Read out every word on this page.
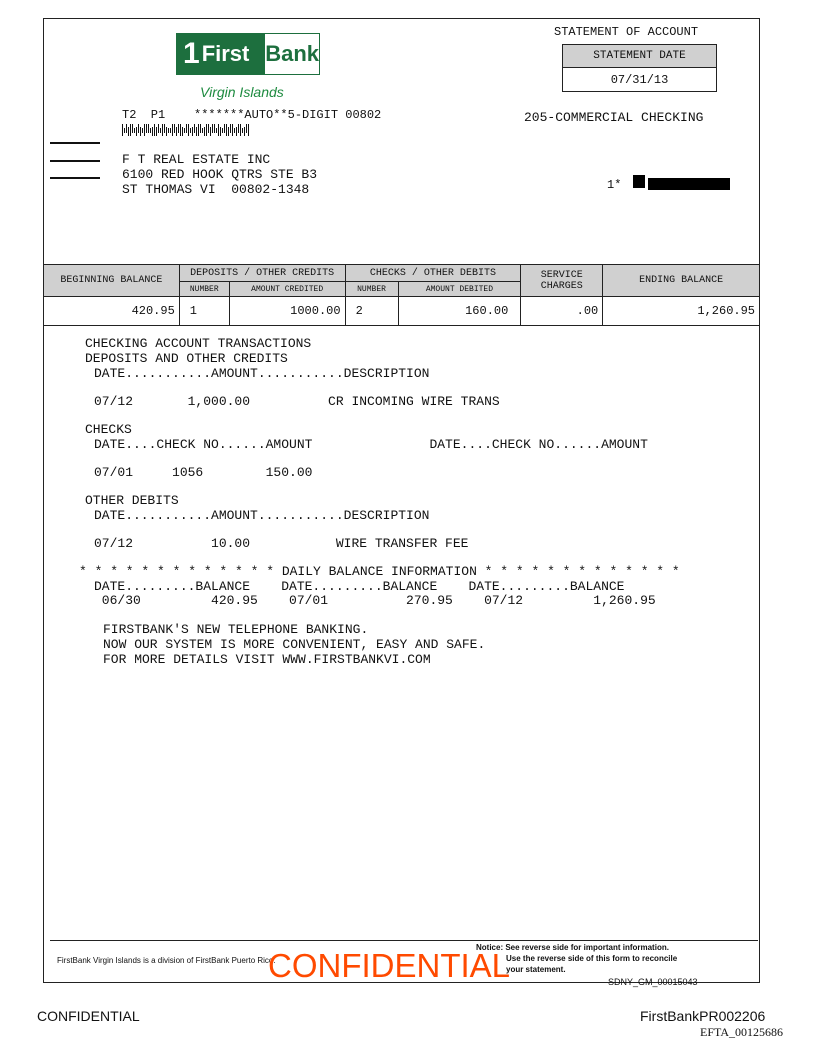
1 First Bank
Virgin Islands
STATEMENT OF ACCOUNT
STATEMENT DATE
07/31/13
T2  P1    *******AUTO**5-DIGIT 00802	205-COMMERCIAL CHECKING
F T REAL ESTATE INC
6100 RED HOOK QTRS STE B3
ST THOMAS VI  00802-1348	1*
BEGINNING BALANCE	DEPOSITS / OTHER CREDITS		CHECKS / OTHER DEBITS		SERVICE
CHARGES	ENDING BALANCE
	NUMBER	AMOUNT CREDITED	NUMBER	AMOUNT DEBITED		
420.95	1	1000.00	2	160.00	.00	1,260.95
CHECKING ACCOUNT TRANSACTIONS
DEPOSITS AND OTHER CREDITS
DATE...........AMOUNT...........DESCRIPTION
07/12       1,000.00          CR INCOMING WIRE TRANS
CHECKS
DATE....CHECK NO......AMOUNT               DATE....CHECK NO......AMOUNT
07/01     1056        150.00
OTHER DEBITS
DATE...........AMOUNT...........DESCRIPTION
07/12          10.00           WIRE TRANSFER FEE
* * * * * * * * * * * * * DAILY BALANCE INFORMATION * * * * * * * * * * * * *
DATE.........BALANCE    DATE.........BALANCE    DATE.........BALANCE
06/30         420.95    07/01          270.95    07/12         1,260.95
FIRSTBANK'S NEW TELEPHONE BANKING.
NOW OUR SYSTEM IS MORE CONVENIENT, EASY AND SAFE.
FOR MORE DETAILS VISIT WWW.FIRSTBANKVI.COM
FirstBank Virgin Islands is a division of FirstBank Puerto Rico.
Notice: See reverse side for important information.
Use the reverse side of this form to reconcile
your statement.
CONFIDENTIAL	SDNY_GM_00015043
CONFIDENTIAL	FirstBankPR002206
EFTA_00125686
